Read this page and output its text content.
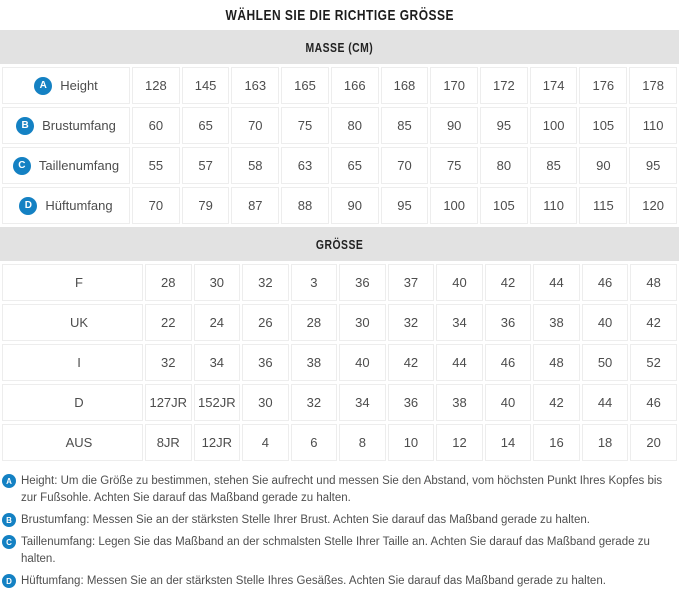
WÄHLEN SIE DIE RICHTIGE GRÖSSE
MASSE (CM)
A Height	128	145	163	165	166	168	170	172	174	176	178

B Brustumfang	60	65	70	75	80	85	90	95	100	105	110

C Taillenumfang	55	57	58	63	65	70	75	80	85	90	95

D Hüftumfang	70	79	87	88	90	95	100	105	110	115	120
GRÖSSE
F	28	30	32	3	36	37	40	42	44	46	48

UK	22	24	26	28	30	32	34	36	38	40	42

I	32	34	36	38	40	42	44	46	48	50	52

D	127JR	152JR	30	32	34	36	38	40	42	44	46

AUS	8JR	12JR	4	6	8	10	12	14	16	18	20
A Height: Um die Größe zu bestimmen, stehen Sie aufrecht und messen Sie den Abstand, vom höchsten Punkt Ihres Kopfes bis zur Fußsohle. Achten Sie darauf das Maßband gerade zu halten.
B Brustumfang: Messen Sie an der stärksten Stelle Ihrer Brust. Achten Sie darauf das Maßband gerade zu halten.
C Taillenumfang: Legen Sie das Maßband an der schmalsten Stelle Ihrer Taille an. Achten Sie darauf das Maßband gerade zu halten.
D Hüftumfang: Messen Sie an der stärksten Stelle Ihres Gesäßes. Achten Sie darauf das Maßband gerade zu halten.
